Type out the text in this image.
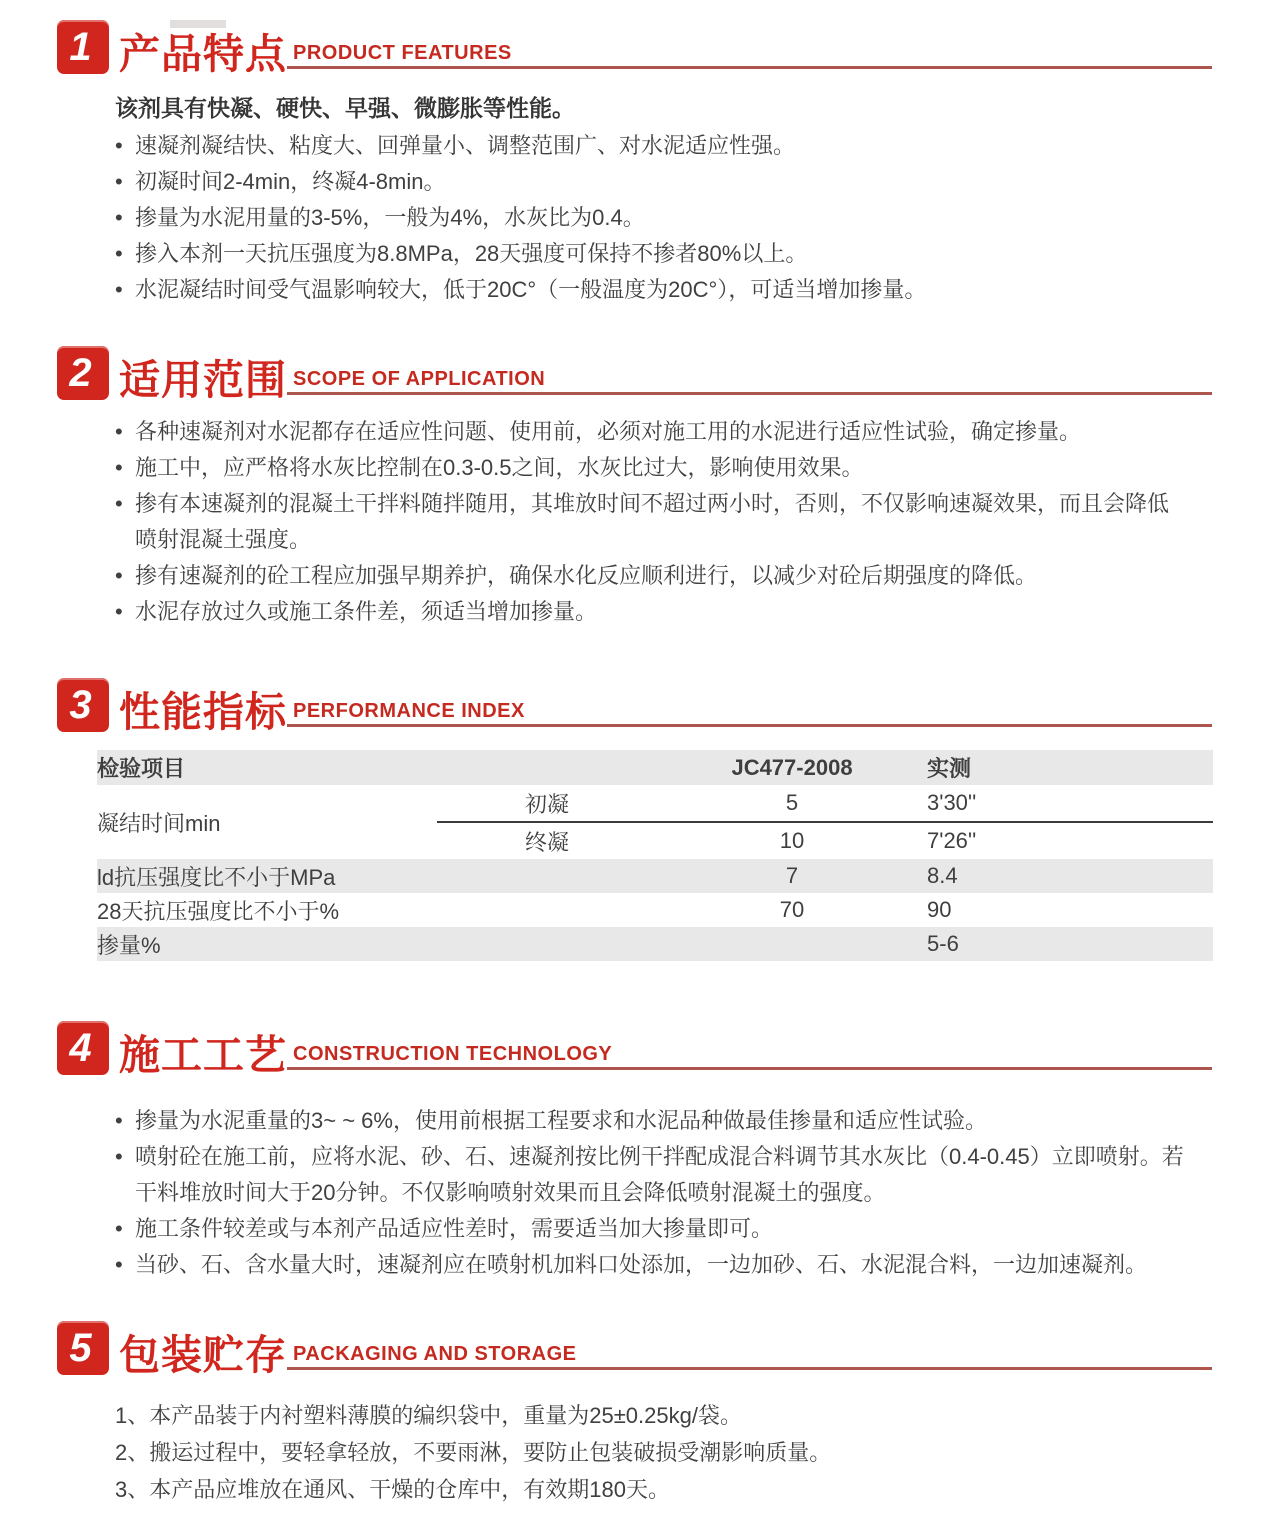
1 产品特点 PRODUCT FEATURES

该剂具有快凝、硬快、早强、微膨胀等性能。

• 速凝剂凝结快、粘度大、回弹量小、调整范围广、对水泥适应性强。
• 初凝时间2-4min，终凝4-8min。
• 掺量为水泥用量的3-5%，一般为4%，水灰比为0.4。
• 掺入本剂一天抗压强度为8.8MPa，28天强度可保持不掺者80%以上。
• 水泥凝结时间受气温影响较大，低于20C°（一般温度为20C°），可适当增加掺量。
2 适用范围 SCOPE OF APPLICATION
• 各种速凝剂对水泥都存在适应性问题、使用前，必须对施工用的水泥进行适应性试验，确定掺量。
• 施工中，应严格将水灰比控制在0.3-0.5之间，水灰比过大，影响使用效果。
• 掺有本速凝剂的混凝土干拌料随拌随用，其堆放时间不超过两小时，否则，不仅影响速凝效果，而且会降低喷射混凝土强度。
• 掺有速凝剂的砼工程应加强早期养护，确保水化反应顺利进行，以减少对砼后期强度的降低。
• 水泥存放过久或施工条件差，须适当增加掺量。
3 性能指标 PERFORMANCE INDEX
检验项目		JC477-2008	实测
凝结时间min	初凝	5	3'30''
	终凝	10	7'26''
ld抗压强度比不小于MPa		7	8.4
28天抗压强度比不小于%		70	90
掺量%			5-6
4 施工工艺 CONSTRUCTION TECHNOLOGY
• 掺量为水泥重量的3~ ~ 6%，使用前根据工程要求和水泥品种做最佳掺量和适应性试验。
• 喷射砼在施工前，应将水泥、砂、石、速凝剂按比例干拌配成混合料调节其水灰比（0.4-0.45）立即喷射。若干料堆放时间大于20分钟。不仅影响喷射效果而且会降低喷射混凝土的强度。
• 施工条件较差或与本剂产品适应性差时，需要适当加大掺量即可。
• 当砂、石、含水量大时，速凝剂应在喷射机加料口处添加，一边加砂、石、水泥混合料，一边加速凝剂。
5 包装贮存 PACKAGING AND STORAGE

1、本产品装于内衬塑料薄膜的编织袋中，重量为25±0.25kg/袋。

2、搬运过程中，要轻拿轻放，不要雨淋，要防止包装破损受潮影响质量。

3、本产品应堆放在通风、干燥的仓库中，有效期180天。
